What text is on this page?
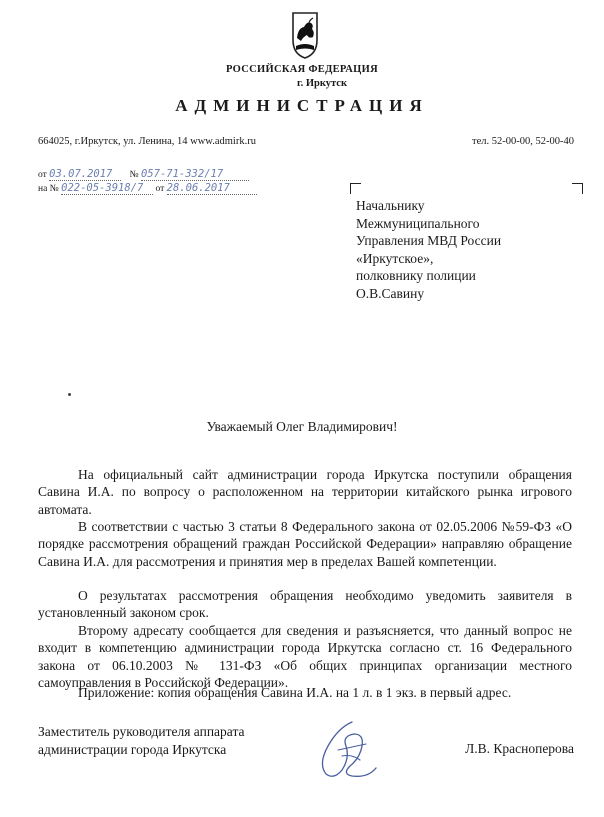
РОССИЙСКАЯ ФЕДЕРАЦИЯ
г. Иркутск
АДМИНИСТРАЦИЯ
664025, г.Иркутск, ул. Ленина, 14 www.admirk.ru	тел. 52-00-00, 52-00-40
от 03.07.2017 № 057-71-332/17
на № 022-05-3918/7 от 28.06.2017
Начальнику
Межмуниципального
Управления МВД России
«Иркутское»,
полковнику полиции
О.В.Савину
Уважаемый Олег Владимирович!
На официальный сайт администрации города Иркутска поступили обращения Савина И.А. по вопросу о расположенном на территории китайского рынка игрового автомата.
В соответствии с частью 3 статьи 8 Федерального закона от 02.05.2006 №59-ФЗ «О порядке рассмотрения обращений граждан Российской Федерации» направляю обращение Савина И.А. для рассмотрения и принятия мер в пределах Вашей компетенции.
О результатах рассмотрения обращения необходимо уведомить заявителя в установленный законом срок.
Второму адресату сообщается для сведения и разъясняется, что данный вопрос не входит в компетенцию администрации города Иркутска согласно ст. 16 Федерального закона от 06.10.2003 № 131-ФЗ «Об общих принципах организации местного самоуправления в Российской Федерации».
Приложение: копия обращения Савина И.А. на 1 л. в 1 экз. в первый адрес.
Заместитель руководителя аппарата
администрации города Иркутска	Л.В. Красноперова
